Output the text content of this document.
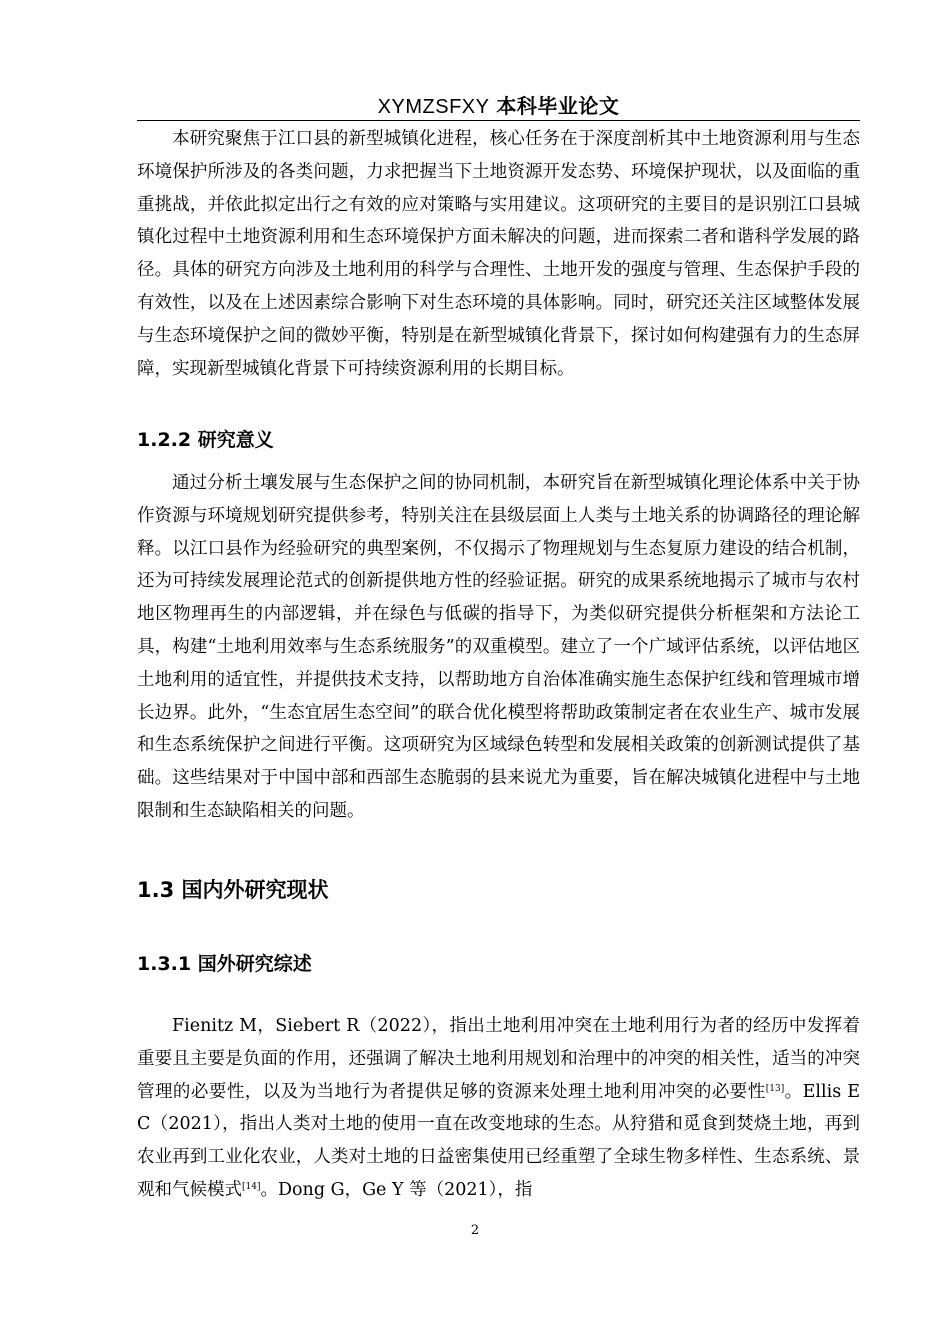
XYMZSFXY 本科毕业论文

本研究聚焦于江口县的新型城镇化进程，核心任务在于深度剖析其中土地资源利用与生态环境保护所涉及的各类问题，力求把握当下土地资源开发态势、环境保护现状，以及面临的重重挑战，并依此拟定出行之有效的应对策略与实用建议。这项研究的主要目的是识别江口县城镇化过程中土地资源利用和生态环境保护方面未解决的问题，进而探索二者和谐科学发展的路径。具体的研究方向涉及土地利用的科学与合理性、土地开发的强度与管理、生态保护手段的有效性，以及在上述因素综合影响下对生态环境的具体影响。同时，研究还关注区域整体发展与生态环境保护之间的微妙平衡，特别是在新型城镇化背景下，探讨如何构建强有力的生态屏障，实现新型城镇化背景下可持续资源利用的长期目标。

1.2.2 研究意义

通过分析土壤发展与生态保护之间的协同机制，本研究旨在新型城镇化理论体系中关于协作资源与环境规划研究提供参考，特别关注在县级层面上人类与土地关系的协调路径的理论解释。以江口县作为经验研究的典型案例，不仅揭示了物理规划与生态复原力建设的结合机制，还为可持续发展理论范式的创新提供地方性的经验证据。研究的成果系统地揭示了城市与农村地区物理再生的内部逻辑，并在绿色与低碳的指导下，为类似研究提供分析框架和方法论工具，构建“土地利用效率与生态系统服务”的双重模型。建立了一个广域评估系统，以评估地区土地利用的适宜性，并提供技术支持，以帮助地方自治体准确实施生态保护红线和管理城市增长边界。此外，“生态宜居生态空间”的联合优化模型将帮助政策制定者在农业生产、城市发展和生态系统保护之间进行平衡。这项研究为区域绿色转型和发展相关政策的创新测试提供了基础。这些结果对于中国中部和西部生态脆弱的县来说尤为重要，旨在解决城镇化进程中与土地限制和生态缺陷相关的问题。

1.3 国内外研究现状
1.3.1 国外研究综述

Fienitz M，Siebert R（2022），指出土地利用冲突在土地利用行为者的经历中发挥着重要且主要是负面的作用，还强调了解决土地利用规划和治理中的冲突的相关性，适当的冲突管理的必要性，以及为当地行为者提供足够的资源来处理土地利用冲突的必要性[13]。Ellis E C（2021），指出人类对土地的使用一直在改变地球的生态。从狩猎和觅食到焚烧土地，再到农业再到工业化农业，人类对土地的日益密集使用已经重塑了全球生物多样性、生态系统、景观和气候模式[14]。Dong G，Ge Y 等（2021），指

2
